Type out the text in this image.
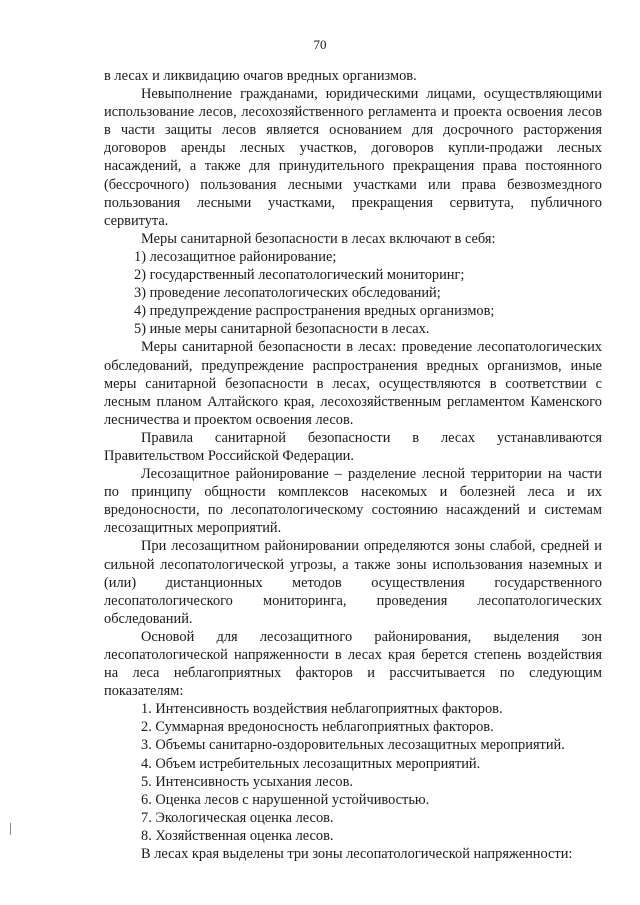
70

в лесах и ликвидацию очагов вредных организмов.

Невыполнение гражданами, юридическими лицами, осуществляющими использование лесов, лесохозяйственного регламента и проекта освоения лесов в части защиты лесов является основанием для досрочного расторжения договоров аренды лесных участков, договоров купли-продажи лесных насаждений, а также для принудительного прекращения права постоянного (бессрочного) пользования лесными участками или права безвозмездного пользования лесными участками, прекращения сервитута, публичного сервитута.

Меры санитарной безопасности в лесах включают в себя:

1) лесозащитное районирование;
2) государственный лесопатологический мониторинг;
3) проведение лесопатологических обследований;
4) предупреждение распространения вредных организмов;
5) иные меры санитарной безопасности в лесах.

Меры санитарной безопасности в лесах: проведение лесопатологических обследований, предупреждение распространения вредных организмов, иные меры санитарной безопасности в лесах, осуществляются в соответствии с лесным планом Алтайского края, лесохозяйственным регламентом Каменского лесничества и проектом освоения лесов.

Правила санитарной безопасности в лесах устанавливаются Правительством Российской Федерации.

Лесозащитное районирование – разделение лесной территории на части по принципу общности комплексов насекомых и болезней леса и их вредоносности, по лесопатологическому состоянию насаждений и системам лесозащитных мероприятий.

При лесозащитном районировании определяются зоны слабой, средней и сильной лесопатологической угрозы, а также зоны использования наземных и (или) дистанционных методов осуществления государственного лесопатологического мониторинга, проведения лесопатологических обследований.

Основой для лесозащитного районирования, выделения зон лесопатологической напряженности в лесах края берется степень воздействия на леса неблагоприятных факторов и рассчитывается по следующим показателям:

1. Интенсивность воздействия неблагоприятных факторов.
2. Суммарная вредоносность неблагоприятных факторов.
3. Объемы санитарно-оздоровительных лесозащитных мероприятий.
4. Объем истребительных лесозащитных мероприятий.
5. Интенсивность усыхания лесов.
6. Оценка лесов с нарушенной устойчивостью.
7. Экологическая оценка лесов.
8. Хозяйственная оценка лесов.

В лесах края выделены три зоны лесопатологической напряженности:
